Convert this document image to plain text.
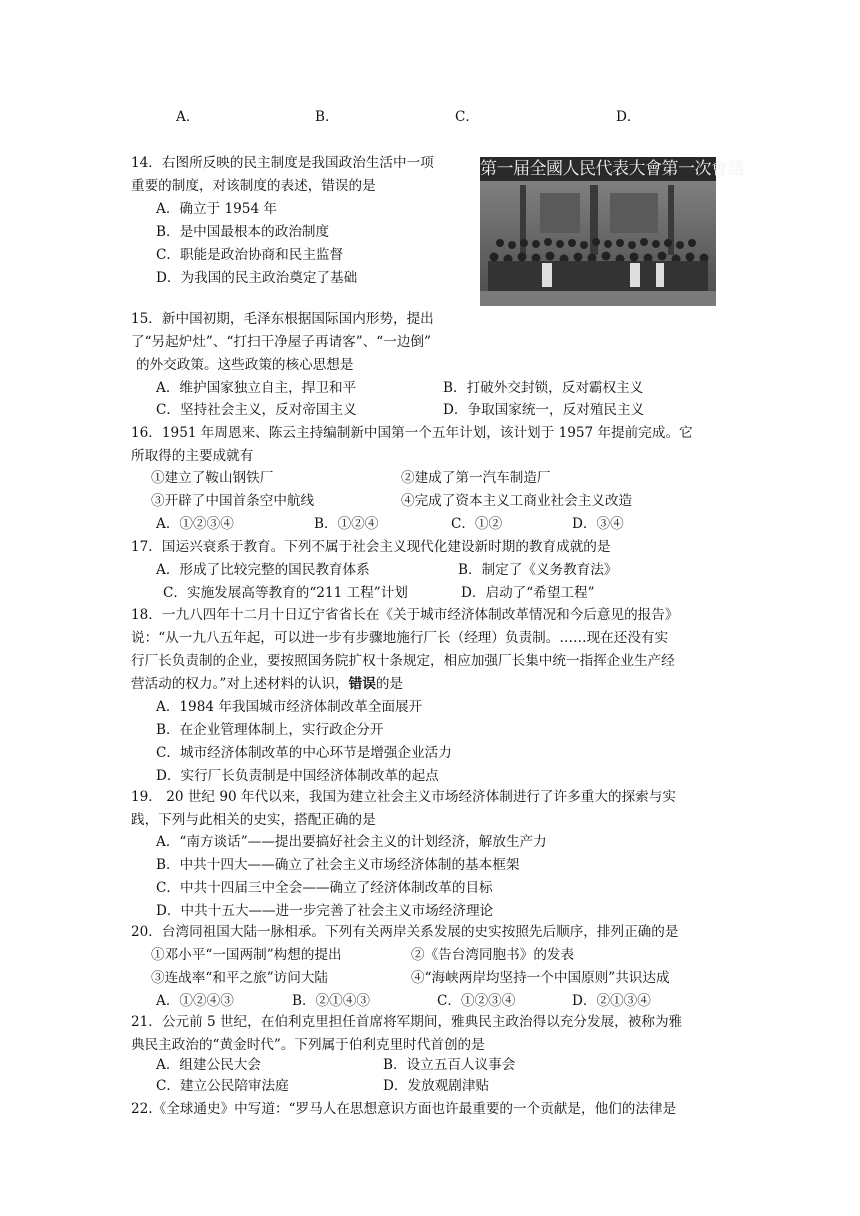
A．	B．	C．	D．
14．右图所反映的民主制度是我国政治生活中一项
重要的制度，对该制度的表述，错误的是
A．确立于 1954 年
B．是中国最根本的政治制度
C．职能是政治协商和民主监督
D．为我国的民主政治奠定了基础
第一届全國人民代表大會第一次會議
15．新中国初期，毛泽东根据国际国内形势，提出
了“另起炉灶”、“打扫干净屋子再请客”、“一边倒”
的外交政策。这些政策的核心思想是
A．维护国家独立自主，捍卫和平	B．打破外交封锁，反对霸权主义
C．坚持社会主义，反对帝国主义	D．争取国家统一，反对殖民主义
16．1951 年周恩来、陈云主持编制新中国第一个五年计划，该计划于 1957 年提前完成。它
所取得的主要成就有
①建立了鞍山钢铁厂	②建成了第一汽车制造厂
③开辟了中国首条空中航线	④完成了资本主义工商业社会主义改造
A．①②③④	B．①②④	C．①②	D．③④
17．国运兴衰系于教育。下列不属于社会主义现代化建设新时期的教育成就的是
A．形成了比较完整的国民教育体系	B．制定了《义务教育法》
C．实施发展高等教育的“211 工程”计划	D．启动了“希望工程”
18．一九八四年十二月十日辽宁省省长在《关于城市经济体制改革情况和今后意见的报告》
说：“从一九八五年起，可以进一步有步骤地施行厂长（经理）负责制。……现在还没有实
行厂长负责制的企业，要按照国务院扩权十条规定，相应加强厂长集中统一指挥企业生产经
营活动的权力。”对上述材料的认识，错误的是
A．1984 年我国城市经济体制改革全面展开
B．在企业管理体制上，实行政企分开
C．城市经济体制改革的中心环节是增强企业活力
D．实行厂长负责制是中国经济体制改革的起点
19． 20 世纪 90 年代以来，我国为建立社会主义市场经济体制进行了许多重大的探索与实
践，下列与此相关的史实，搭配正确的是
A．“南方谈话”——提出要搞好社会主义的计划经济，解放生产力
B．中共十四大——确立了社会主义市场经济体制的基本框架
C．中共十四届三中全会——确立了经济体制改革的目标
D．中共十五大——进一步完善了社会主义市场经济理论
20．台湾同祖国大陆一脉相承。下列有关两岸关系发展的史实按照先后顺序，排列正确的是
①邓小平“一国两制”构想的提出	②《告台湾同胞书》的发表
③连战率“和平之旅”访问大陆	④“海峡两岸均坚持一个中国原则”共识达成
A．①②④③	B．②①④③	C．①②③④	D．②①③④
21．公元前 5 世纪，在伯利克里担任首席将军期间，雅典民主政治得以充分发展，被称为雅
典民主政治的“黄金时代”。下列属于伯利克里时代首创的是
A．组建公民大会	B．设立五百人议事会
C．建立公民陪审法庭	D．发放观剧津贴
22.《全球通史》中写道：“罗马人在思想意识方面也许最重要的一个贡献是，他们的法律是
